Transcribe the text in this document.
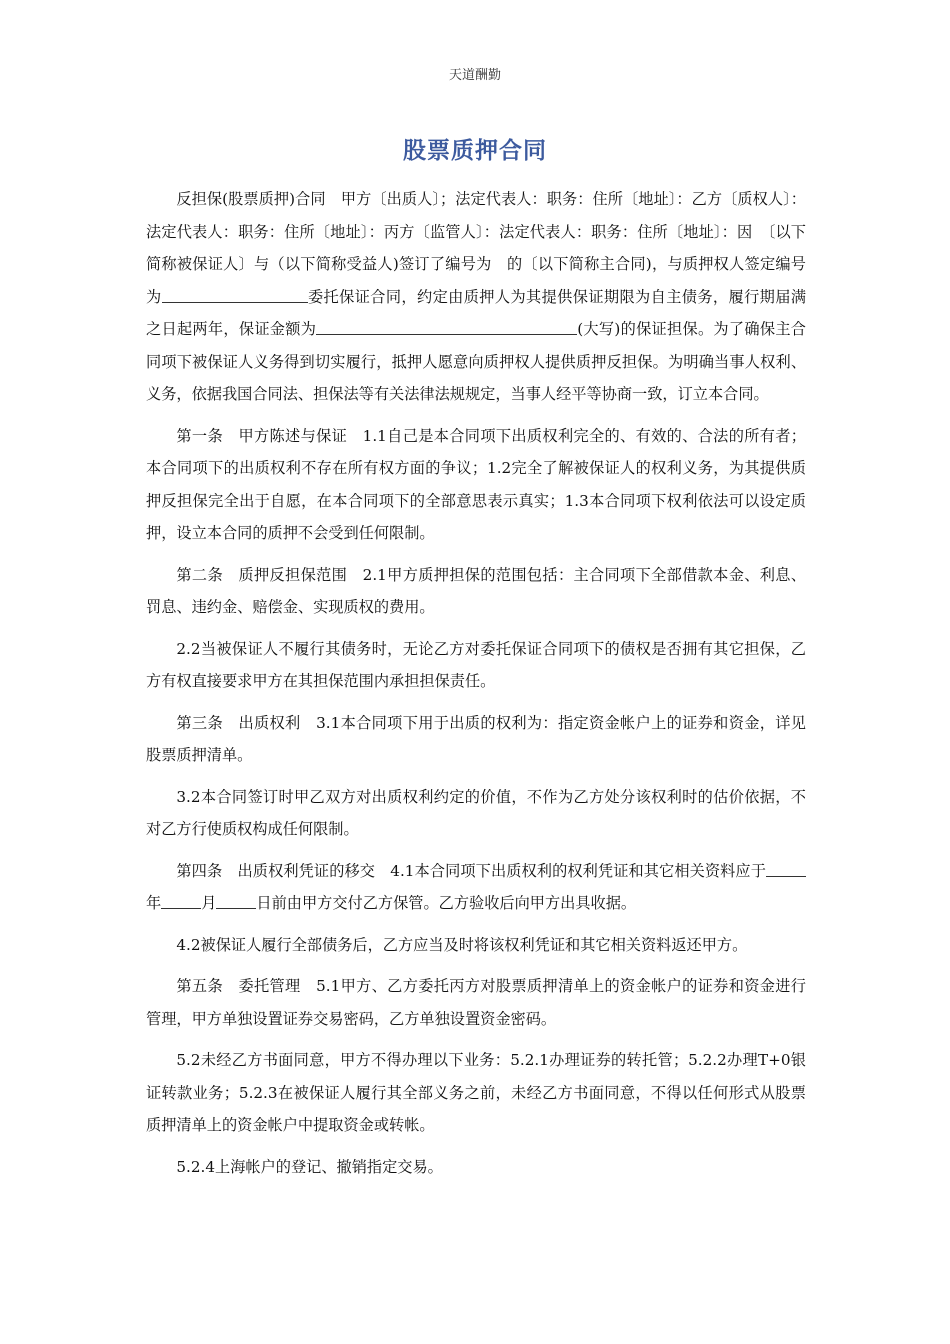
天道酬勤
股票质押合同

反担保(股票质押)合同　甲方〔出质人〕；法定代表人：职务：住所〔地址〕：乙方〔质权人〕：法定代表人：职务：住所〔地址〕：丙方〔监管人〕：法定代表人：职务：住所〔地址〕：因　〔以下简称被保证人〕与（以下简称受益人)签订了编号为　的〔以下简称主合同)，与质押权人签定编号为	委托保证合同，约定由质押人为其提供保证期限为自主债务，履行期届满之日起两年，保证金额为	(大写)的保证担保。为了确保主合同项下被保证人义务得到切实履行，抵押人愿意向质押权人提供质押反担保。为明确当事人权利、义务，依据我国合同法、担保法等有关法律法规规定，当事人经平等协商一致，订立本合同。

第一条　甲方陈述与保证　1.1自己是本合同项下出质权利完全的、有效的、合法的所有者；本合同项下的出质权利不存在所有权方面的争议；1.2完全了解被保证人的权利义务，为其提供质押反担保完全出于自愿，在本合同项下的全部意思表示真实；1.3本合同项下权利依法可以设定质押，设立本合同的质押不会受到任何限制。

第二条　质押反担保范围　2.1甲方质押担保的范围包括：主合同项下全部借款本金、利息、罚息、违约金、赔偿金、实现质权的费用。

2.2当被保证人不履行其债务时，无论乙方对委托保证合同项下的债权是否拥有其它担保，乙方有权直接要求甲方在其担保范围内承担担保责任。

第三条　出质权利　3.1本合同项下用于出质的权利为：指定资金帐户上的证券和资金，详见股票质押清单。

3.2本合同签订时甲乙双方对出质权利约定的价值，不作为乙方处分该权利时的估价依据，不对乙方行使质权构成任何限制。

第四条　出质权利凭证的移交　4.1本合同项下出质权利的权利凭证和其它相关资料应于年	月	日前由甲方交付乙方保管。乙方验收后向甲方出具收据。

4.2被保证人履行全部债务后，乙方应当及时将该权利凭证和其它相关资料返还甲方。

第五条　委托管理　5.1甲方、乙方委托丙方对股票质押清单上的资金帐户的证券和资金进行管理，甲方单独设置证券交易密码，乙方单独设置资金密码。

5.2未经乙方书面同意，甲方不得办理以下业务：5.2.1办理证券的转托管；5.2.2办理T+0银证转款业务；5.2.3在被保证人履行其全部义务之前，未经乙方书面同意，不得以任何形式从股票质押清单上的资金帐户中提取资金或转帐。

5.2.4上海帐户的登记、撤销指定交易。
